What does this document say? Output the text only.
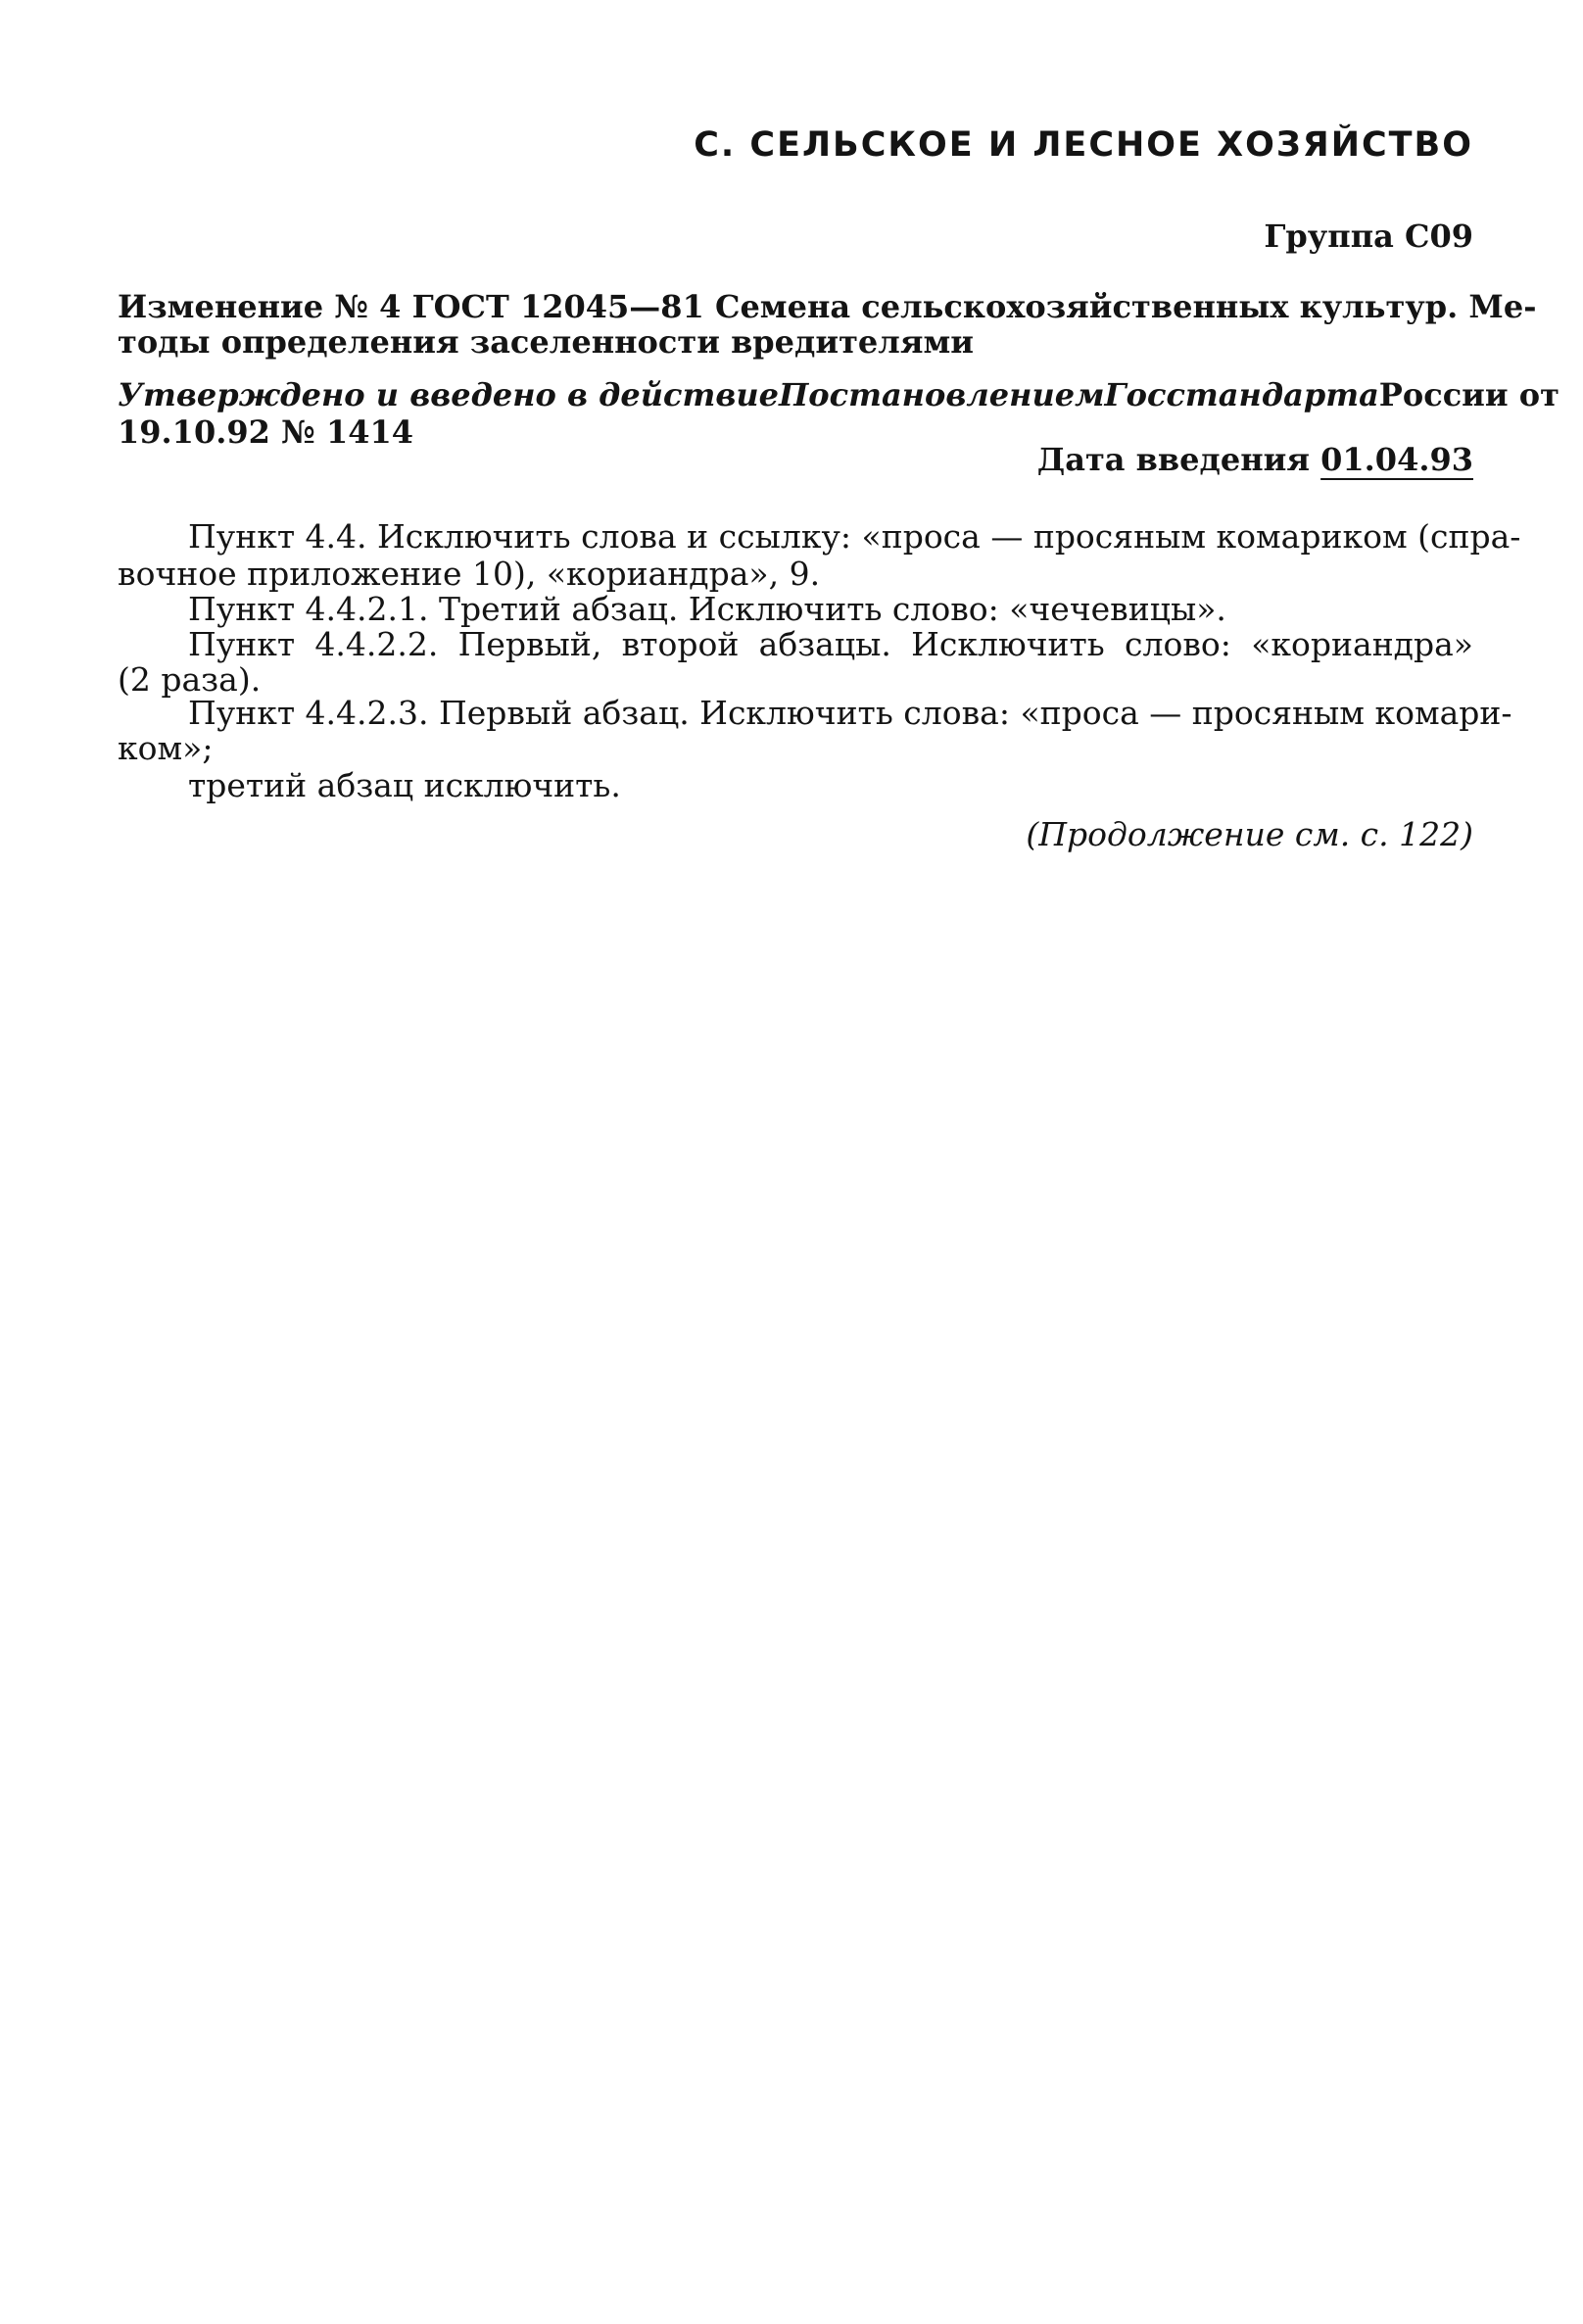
С. СЕЛЬСКОЕ И ЛЕСНОЕ ХОЗЯЙСТВО
Группа С09
Изменение № 4 ГОСТ 12045—81 Семена сельскохозяйственных культур. Ме-
тоды определения заселенности вредителями
Утверждено и введено в действие Постановлением Госстандарта России от
19.10.92 № 1414
Дата введения 01.04.93
Пункт 4.4. Исключить слова и ссылку: «проса — просяным комариком (спра-
вочное приложение 10), «кориандра», 9.
Пункт 4.4.2.1. Третий абзац. Исключить слово: «чечевицы».
Пункт 4.4.2.2. Первый, второй абзацы. Исключить слово: «кориандра»
(2 раза).
Пункт 4.4.2.3. Первый абзац. Исключить слова: «проса — просяным комари-
ком»;
третий абзац исключить.
(Продолжение см. с. 122)
